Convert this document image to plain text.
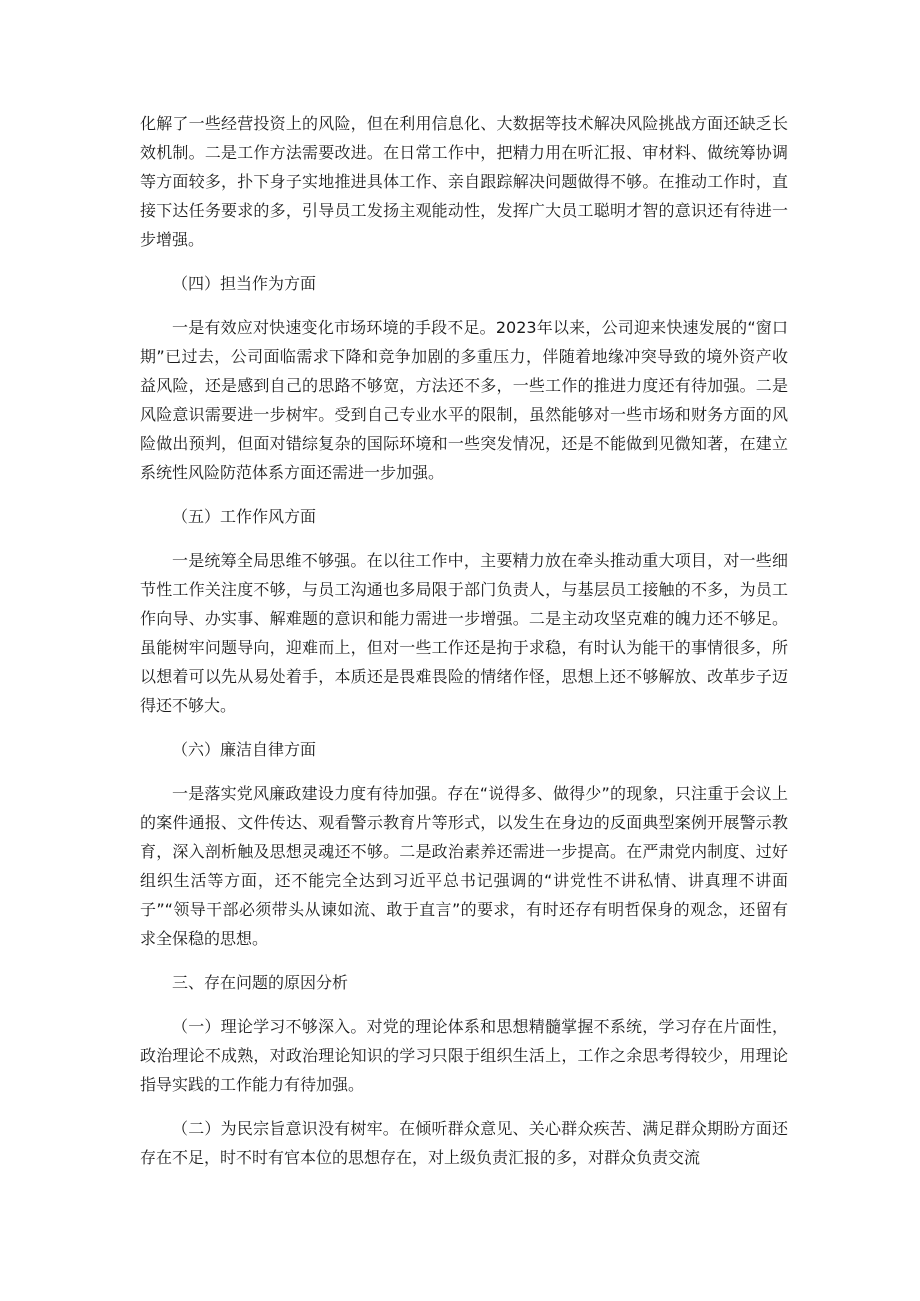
化解了一些经营投资上的风险，但在利用信息化、大数据等技术解决风险挑战方面还缺乏长效机制。二是工作方法需要改进。在日常工作中，把精力用在听汇报、审材料、做统筹协调等方面较多，扑下身子实地推进具体工作、亲自跟踪解决问题做得不够。在推动工作时，直接下达任务要求的多，引导员工发扬主观能动性，发挥广大员工聪明才智的意识还有待进一步增强。

（四）担当作为方面

一是有效应对快速变化市场环境的手段不足。2023年以来，公司迎来快速发展的“窗口期”已过去，公司面临需求下降和竞争加剧的多重压力，伴随着地缘冲突导致的境外资产收益风险，还是感到自己的思路不够宽，方法还不多，一些工作的推进力度还有待加强。二是风险意识需要进一步树牢。受到自己专业水平的限制，虽然能够对一些市场和财务方面的风险做出预判，但面对错综复杂的国际环境和一些突发情况，还是不能做到见微知著，在建立系统性风险防范体系方面还需进一步加强。

（五）工作作风方面

一是统筹全局思维不够强。在以往工作中，主要精力放在牵头推动重大项目，对一些细节性工作关注度不够，与员工沟通也多局限于部门负责人，与基层员工接触的不多，为员工作向导、办实事、解难题的意识和能力需进一步增强。二是主动攻坚克难的魄力还不够足。虽能树牢问题导向，迎难而上，但对一些工作还是拘于求稳，有时认为能干的事情很多，所以想着可以先从易处着手，本质还是畏难畏险的情绪作怪，思想上还不够解放、改革步子迈得还不够大。

（六）廉洁自律方面

一是落实党风廉政建设力度有待加强。存在“说得多、做得少”的现象，只注重于会议上的案件通报、文件传达、观看警示教育片等形式，以发生在身边的反面典型案例开展警示教育，深入剖析触及思想灵魂还不够。二是政治素养还需进一步提高。在严肃党内制度、过好组织生活等方面，还不能完全达到习近平总书记强调的“讲党性不讲私情、讲真理不讲面子”“领导干部必须带头从谏如流、敢于直言”的要求，有时还存有明哲保身的观念，还留有求全保稳的思想。

三、存在问题的原因分析

（一）理论学习不够深入。对党的理论体系和思想精髓掌握不系统，学习存在片面性，政治理论不成熟，对政治理论知识的学习只限于组织生活上，工作之余思考得较少，用理论指导实践的工作能力有待加强。

（二）为民宗旨意识没有树牢。在倾听群众意见、关心群众疾苦、满足群众期盼方面还存在不足，时不时有官本位的思想存在，对上级负责汇报的多，对群众负责交流
